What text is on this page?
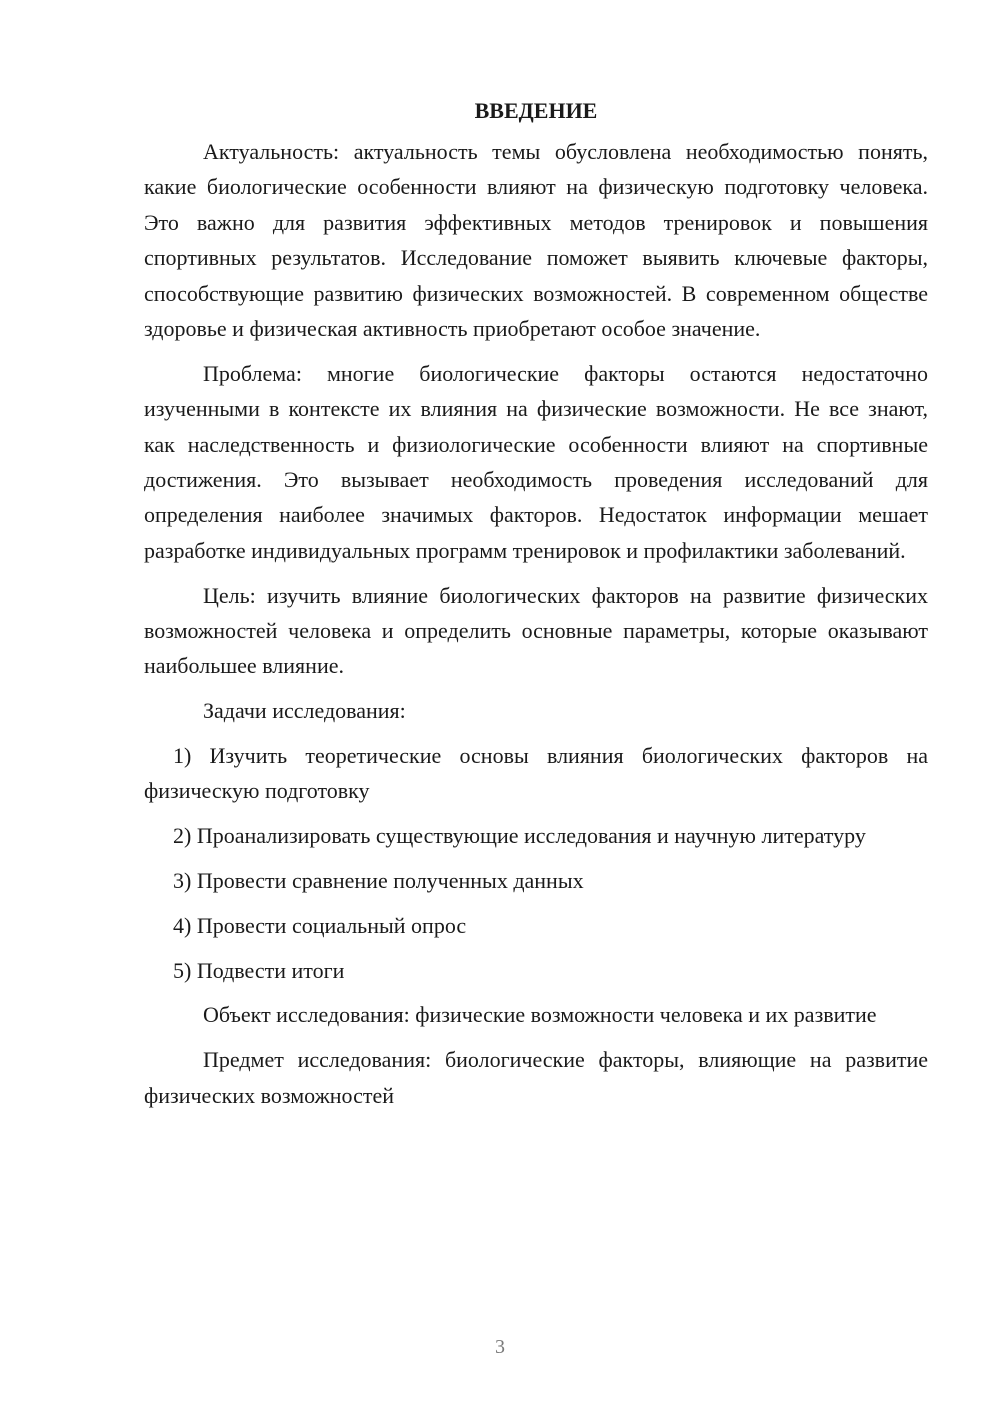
ВВЕДЕНИЕ

Актуальность: актуальность темы обусловлена необходимостью понять, какие биологические особенности влияют на физическую подготовку человека. Это важно для развития эффективных методов тренировок и повышения спортивных результатов. Исследование поможет выявить ключевые факторы, способствующие развитию физических возможностей. В современном обществе здоровье и физическая активность приобретают особое значение.

Проблема: многие биологические факторы остаются недостаточно изученными в контексте их влияния на физические возможности. Не все знают, как наследственность и физиологические особенности влияют на спортивные достижения. Это вызывает необходимость проведения исследований для определения наиболее значимых факторов. Недостаток информации мешает разработке индивидуальных программ тренировок и профилактики заболеваний.

Цель: изучить влияние биологических факторов на развитие физических возможностей человека и определить основные параметры, которые оказывают наибольшее влияние.

Задачи исследования:

1) Изучить теоретические основы влияния биологических факторов на физическую подготовку

2) Проанализировать существующие исследования и научную литературу

3) Провести сравнение полученных данных

4) Провести социальный опрос

5) Подвести итоги

Объект исследования: физические возможности человека и их развитие

Предмет исследования: биологические факторы, влияющие на развитие физических возможностей

3
